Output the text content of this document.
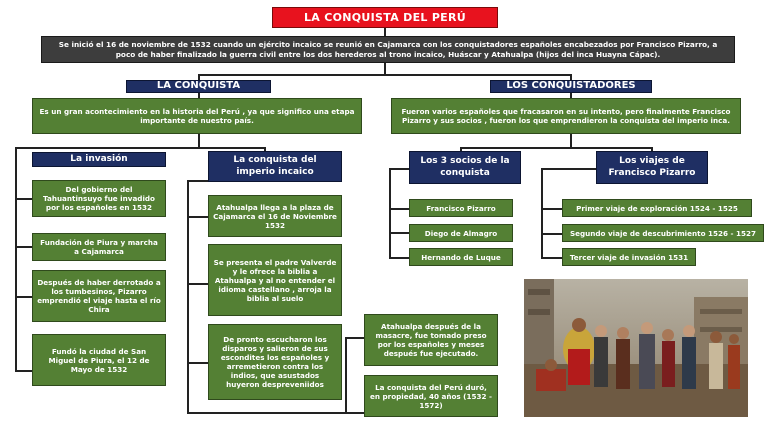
LA CONQUISTA DEL PERÚ
Se inició el 16 de noviembre de 1532 cuando un ejército incaico se reunió en Cajamarca con los conquistadores españoles encabezados por Francisco Pizarro, a poco de haber finalizado la guerra civil entre los dos herederos al trono incaico, Huáscar y Atahualpa (hijos del inca Huayna Cápac).
LA CONQUISTA	LOS CONQUISTADORES
Es un gran acontecimiento en la historia del Perú , ya que significo una etapa importante de nuestro país.
Fueron varios españoles que fracasaron en su intento, pero finalmente Francisco Pizarro y sus socios , fueron los que emprendieron la conquista del imperio inca.
La invasión	La conquista del imperio incaico
Del gobierno del Tahuantinsuyo fue invadido por los españoles en 1532
Fundación de Piura y marcha a Cajamarca
Después de haber derrotado a los tumbesinos, Pizarro emprendió el viaje hasta el río Chira
Fundó la ciudad de San Miguel de Piura, el 12 de Mayo de 1532
Atahualpa llega a la plaza de Cajamarca el 16 de Noviembre 1532
Se presenta el padre Valverde y le ofrece la biblia a Atahualpa y al no entender el idioma castellano , arroja la biblia al suelo
De pronto escucharon los disparos y salieron de sus escondites los españoles y arremetieron contra los indios, que asustados huyeron despreveniidos
Atahualpa después de la masacre, fue tomado preso por los españoles y meses después fue ejecutado.
La conquista del Perú duró, en propiedad, 40 años (1532 - 1572)
Los 3 socios de la conquista
Los viajes de Francisco Pizarro
Francisco Pizarro
Diego de Almagro
Hernando de Luque
Primer viaje de exploración 1524 - 1525
Segundo viaje de descubrimiento 1526 - 1527
Tercer viaje de invasión 1531
